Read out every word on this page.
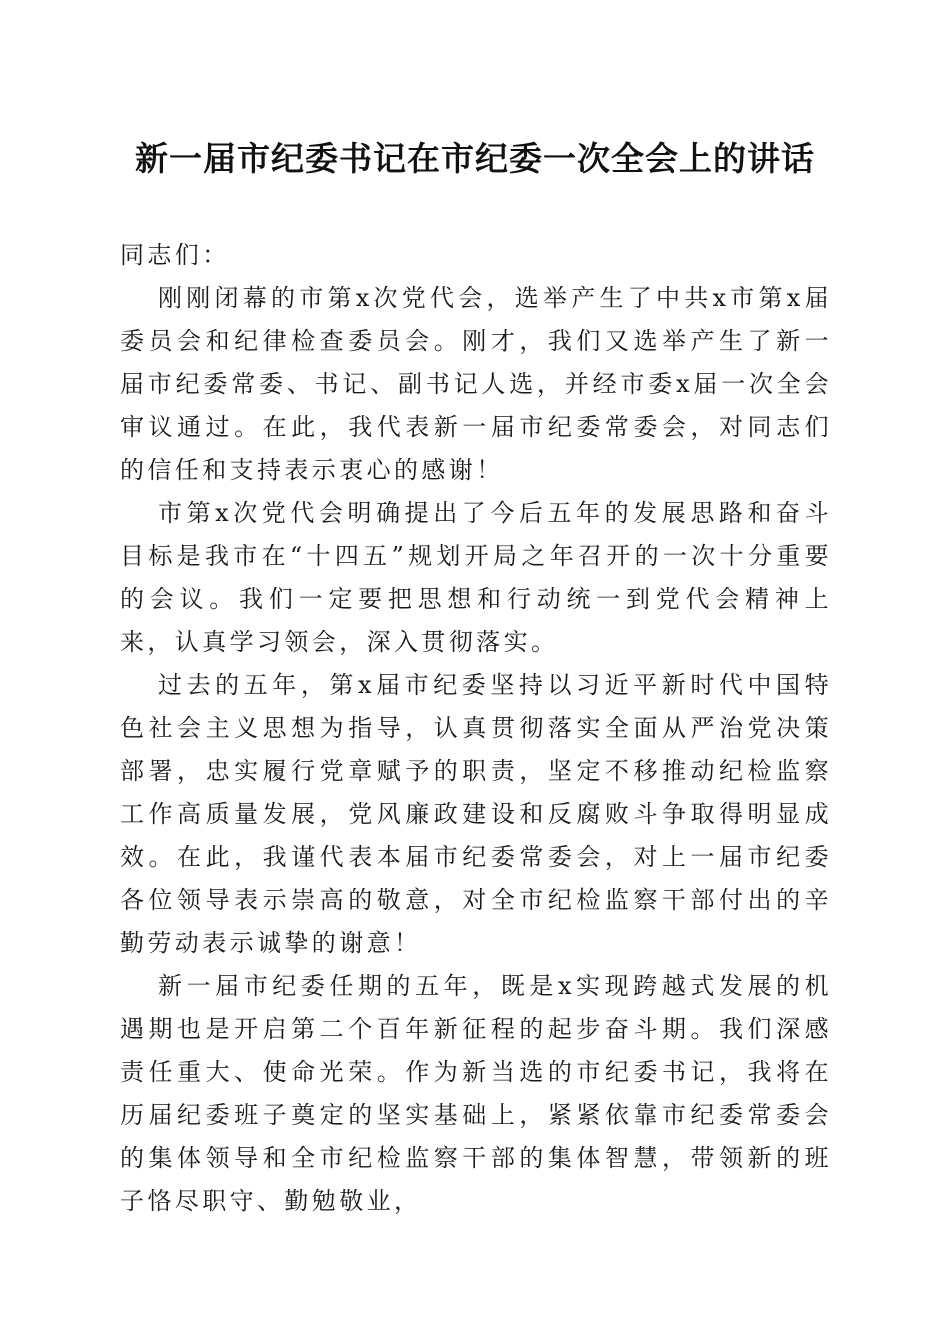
新一届市纪委书记在市纪委一次全会上的讲话

同志们：

刚刚闭幕的市第x次党代会，选举产生了中共x市第x届委员会和纪律检查委员会。刚才，我们又选举产生了新一届市纪委常委、书记、副书记人选，并经市委x届一次全会审议通过。在此，我代表新一届市纪委常委会，对同志们的信任和支持表示衷心的感谢！

市第x次党代会明确提出了今后五年的发展思路和奋斗目标是我市在“十四五”规划开局之年召开的一次十分重要的会议。我们一定要把思想和行动统一到党代会精神上来，认真学习领会，深入贯彻落实。

过去的五年，第x届市纪委坚持以习近平新时代中国特色社会主义思想为指导，认真贯彻落实全面从严治党决策部署，忠实履行党章赋予的职责，坚定不移推动纪检监察工作高质量发展，党风廉政建设和反腐败斗争取得明显成效。在此，我谨代表本届市纪委常委会，对上一届市纪委各位领导表示崇高的敬意，对全市纪检监察干部付出的辛勤劳动表示诚挚的谢意！

新一届市纪委任期的五年，既是x实现跨越式发展的机遇期也是开启第二个百年新征程的起步奋斗期。我们深感责任重大、使命光荣。作为新当选的市纪委书记，我将在历届纪委班子奠定的坚实基础上，紧紧依靠市纪委常委会的集体领导和全市纪检监察干部的集体智慧，带领新的班子恪尽职守、勤勉敬业，
